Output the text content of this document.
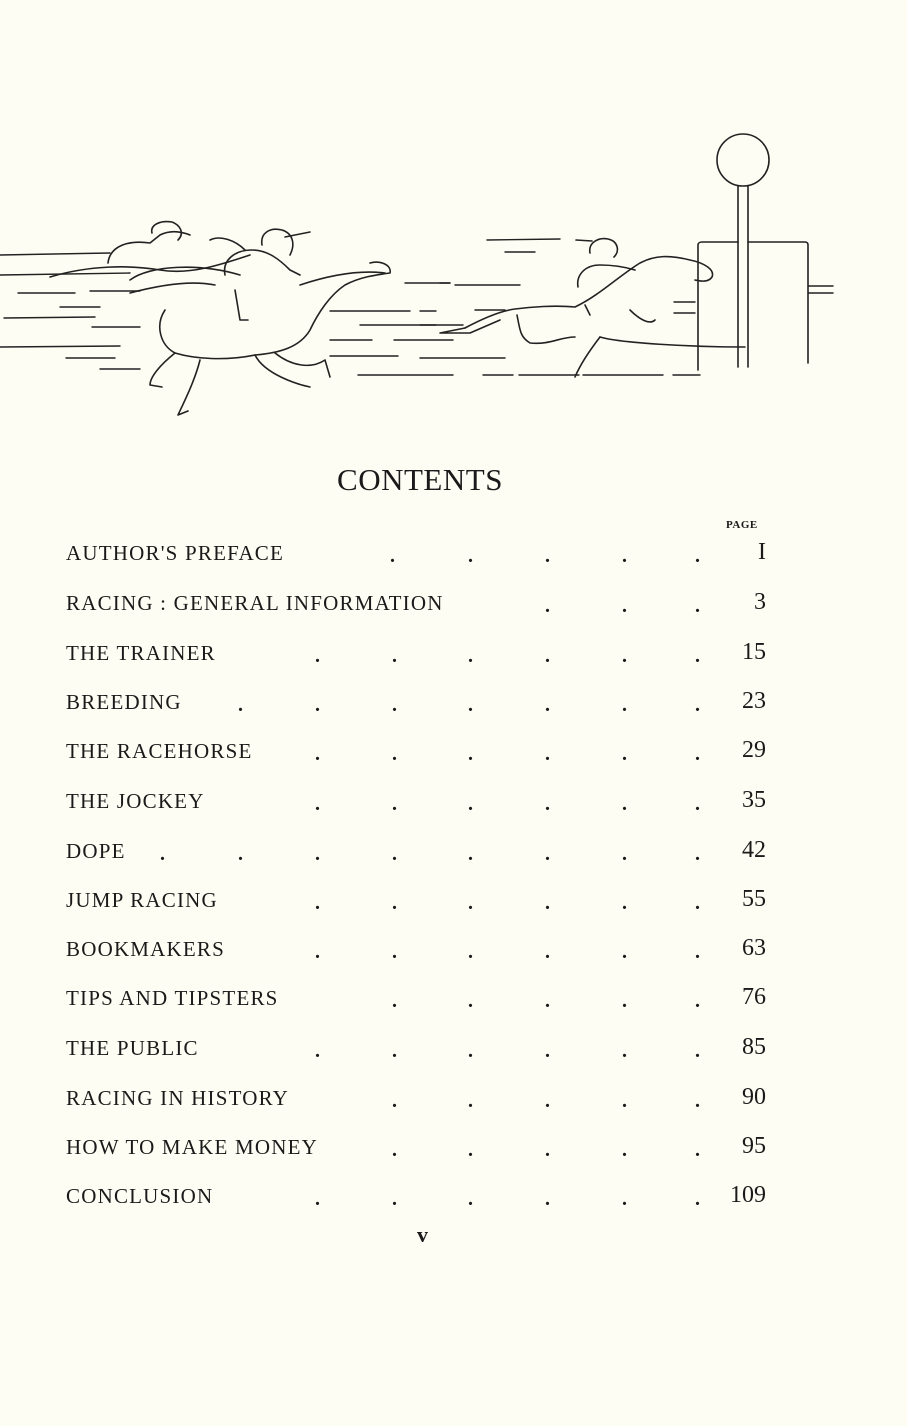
CONTENTS
PAGE
AUTHOR'S PREFACE	.	.	.	.	. I
RACING : GENERAL INFORMATION	.	.	. 3
THE TRAINER	.	.	.	.	.	. 15
BREEDING	.	.	.	.	.	.	. 23
THE RACEHORSE	.	.	.	.	.	. 29
THE JOCKEY	.	.	.	.	.	. 35
DOPE .	.	.	.	.	.	.	. 42
JUMP RACING	.	.	.	.	.	. 55
BOOKMAKERS	.	.	.	.	.	. 63
TIPS AND TIPSTERS	.	.	.	.	. 76
THE PUBLIC	.	.	.	.	.	. 85
RACING IN HISTORY	.	.	.	.	. 90
HOW TO MAKE MONEY	.	.	.	.	. 95
CONCLUSION	.	.	.	.	.	. 109
v
